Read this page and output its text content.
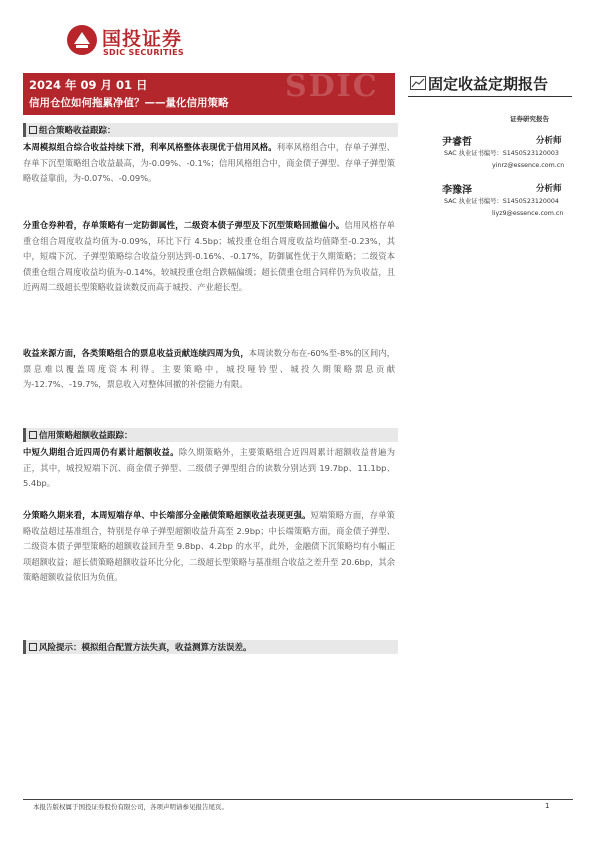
国投证券
SDIC SECURITIES
SDIC
2024 年 09 月 01 日
信用仓位如何拖累净值？——量化信用策略
固定收益定期报告
证券研究报告
尹睿哲	分析师
SAC 执业证书编号：S1450523120003
yinrz@essence.com.cn
李豫泽	分析师
SAC 执业证书编号：S1450523120004
liyz9@essence.com.cn
组合策略收益跟踪：
本周模拟组合综合收益持续下滑，利率风格整体表现优于信用风格。利率风格组合中，存单子弹型、存单下沉型策略组合收益最高，为-0.09%、-0.1%；信用风格组合中，商金债子弹型、存单子弹型策略收益靠前，为-0.07%、-0.09%。
分重仓券种看，存单策略有一定防御属性，二级资本债子弹型及下沉型策略回撤偏小。信用风格存单重仓组合周度收益均值为-0.09%，环比下行 4.5bp；城投重仓组合周度收益均值降至-0.23%，其中，短端下沉、子弹型策略综合收益分别达到-0.16%、-0.17%，防御属性优于久期策略；二级资本债重仓组合周度收益均值为-0.14%，较城投重仓组合跌幅偏缓；超长债重仓组合同样仍为负收益，且近两周二级超长型策略收益读数反而高于城投、产业超长型。
收益来源方面，各类策略组合的票息收益贡献连续四周为负，本周读数分布在-60%至-8%的区间内，票息难以覆盖周度资本利得。主要策略中，城投哑铃型、城投久期策略票息贡献为-12.7%、-19.7%，票息收入对整体回撤的补偿能力有限。
信用策略超额收益跟踪：
中短久期组合近四周仍有累计超额收益。除久期策略外，主要策略组合近四周累计超额收益普遍为正，其中，城投短端下沉、商金债子弹型、二级债子弹型组合的读数分别达到 19.7bp、11.1bp、5.4bp。
分策略久期来看，本周短端存单、中长端部分金融债策略超额收益表现更强。短端策略方面，存单策略收益超过基准组合，特别是存单子弹型超额收益升高至 2.9bp；中长端策略方面，商金债子弹型、二级资本债子弹型策略的超额收益回升至 9.8bp、4.2bp 的水平，此外，金融债下沉策略均有小幅正项超额收益；超长债策略超额收益环比分化，二级超长型策略与基准组合收益之差升至 20.6bp，其余策略超额收益依旧为负值。
风险提示：模拟组合配置方法失真，收益测算方法误差。
本报告版权属于国投证券股份有限公司，各项声明请参见报告尾页。	1
